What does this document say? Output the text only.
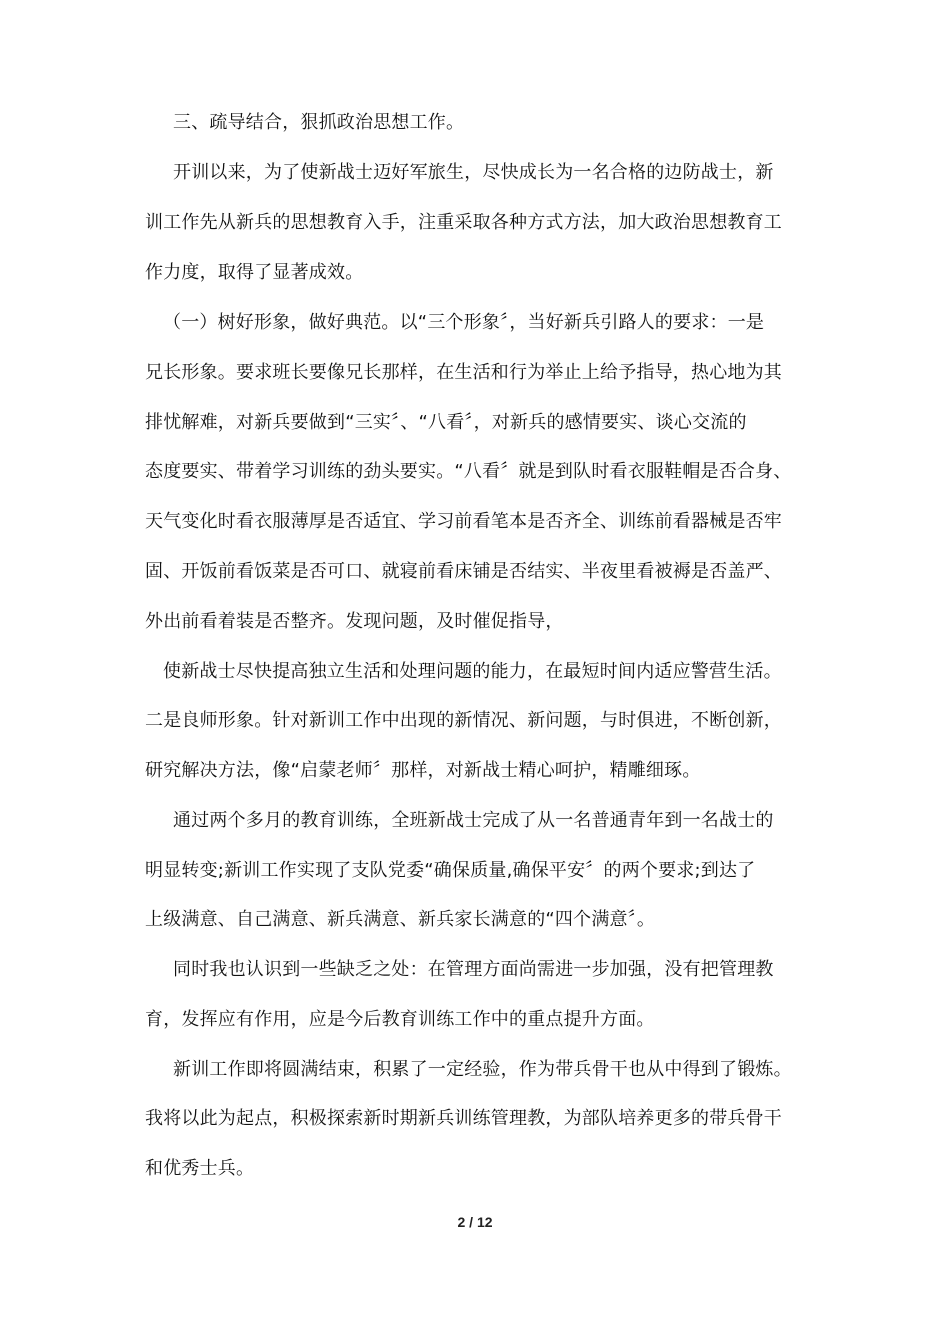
三、疏导结合，狠抓政治思想工作。
开训以来，为了使新战士迈好军旅生，尽快成长为一名合格的边防战士，新
训工作先从新兵的思想教育入手，注重采取各种方式方法，加大政治思想教育工
作力度，取得了显著成效。
（一）树好形象，做好典范。以“三个形象〞，当好新兵引路人的要求：一是
兄长形象。要求班长要像兄长那样，在生活和行为举止上给予指导，热心地为其
排忧解难，对新兵要做到“三实〞、“八看〞，对新兵的感情要实、谈心交流的
态度要实、带着学习训练的劲头要实。“八看〞就是到队时看衣服鞋帽是否合身、
天气变化时看衣服薄厚是否适宜、学习前看笔本是否齐全、训练前看器械是否牢
固、开饭前看饭菜是否可口、就寝前看床铺是否结实、半夜里看被褥是否盖严、
外出前看着装是否整齐。发现问题，及时催促指导，
使新战士尽快提高独立生活和处理问题的能力，在最短时间内适应警营生活。
二是良师形象。针对新训工作中出现的新情况、新问题，与时俱进，不断创新，
研究解决方法，像“启蒙老师〞那样，对新战士精心呵护，精雕细琢。
通过两个多月的教育训练，全班新战士完成了从一名普通青年到一名战士的
明显转变;新训工作实现了支队党委“确保质量,确保平安〞的两个要求;到达了
上级满意、自己满意、新兵满意、新兵家长满意的“四个满意〞。
同时我也认识到一些缺乏之处：在管理方面尚需进一步加强，没有把管理教
育，发挥应有作用，应是今后教育训练工作中的重点提升方面。
新训工作即将圆满结束，积累了一定经验，作为带兵骨干也从中得到了锻炼。
我将以此为起点，积极探索新时期新兵训练管理教，为部队培养更多的带兵骨干
和优秀士兵。
2 / 12
